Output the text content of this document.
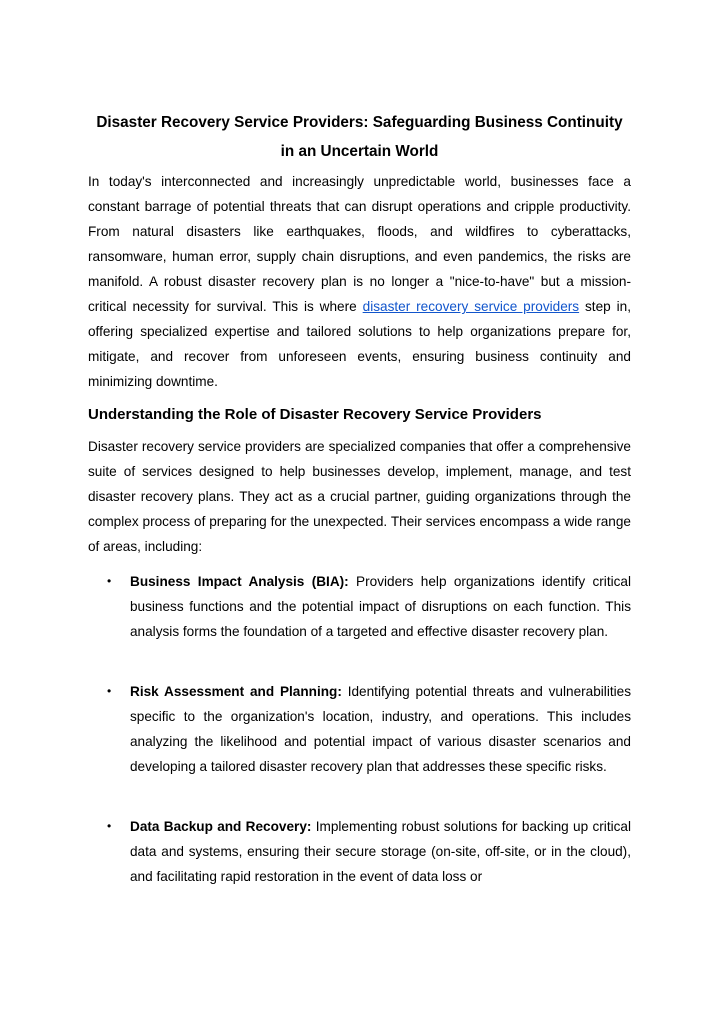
Disaster Recovery Service Providers: Safeguarding Business Continuity in an Uncertain World

In today's interconnected and increasingly unpredictable world, businesses face a constant barrage of potential threats that can disrupt operations and cripple productivity. From natural disasters like earthquakes, floods, and wildfires to cyberattacks, ransomware, human error, supply chain disruptions, and even pandemics, the risks are manifold. A robust disaster recovery plan is no longer a "nice-to-have" but a mission-critical necessity for survival. This is where disaster recovery service providers step in, offering specialized expertise and tailored solutions to help organizations prepare for, mitigate, and recover from unforeseen events, ensuring business continuity and minimizing downtime.

Understanding the Role of Disaster Recovery Service Providers

Disaster recovery service providers are specialized companies that offer a comprehensive suite of services designed to help businesses develop, implement, manage, and test disaster recovery plans. They act as a crucial partner, guiding organizations through the complex process of preparing for the unexpected. Their services encompass a wide range of areas, including:

• Business Impact Analysis (BIA): Providers help organizations identify critical business functions and the potential impact of disruptions on each function. This analysis forms the foundation of a targeted and effective disaster recovery plan.
• Risk Assessment and Planning: Identifying potential threats and vulnerabilities specific to the organization's location, industry, and operations. This includes analyzing the likelihood and potential impact of various disaster scenarios and developing a tailored disaster recovery plan that addresses these specific risks.
• Data Backup and Recovery: Implementing robust solutions for backing up critical data and systems, ensuring their secure storage (on-site, off-site, or in the cloud), and facilitating rapid restoration in the event of data loss or
